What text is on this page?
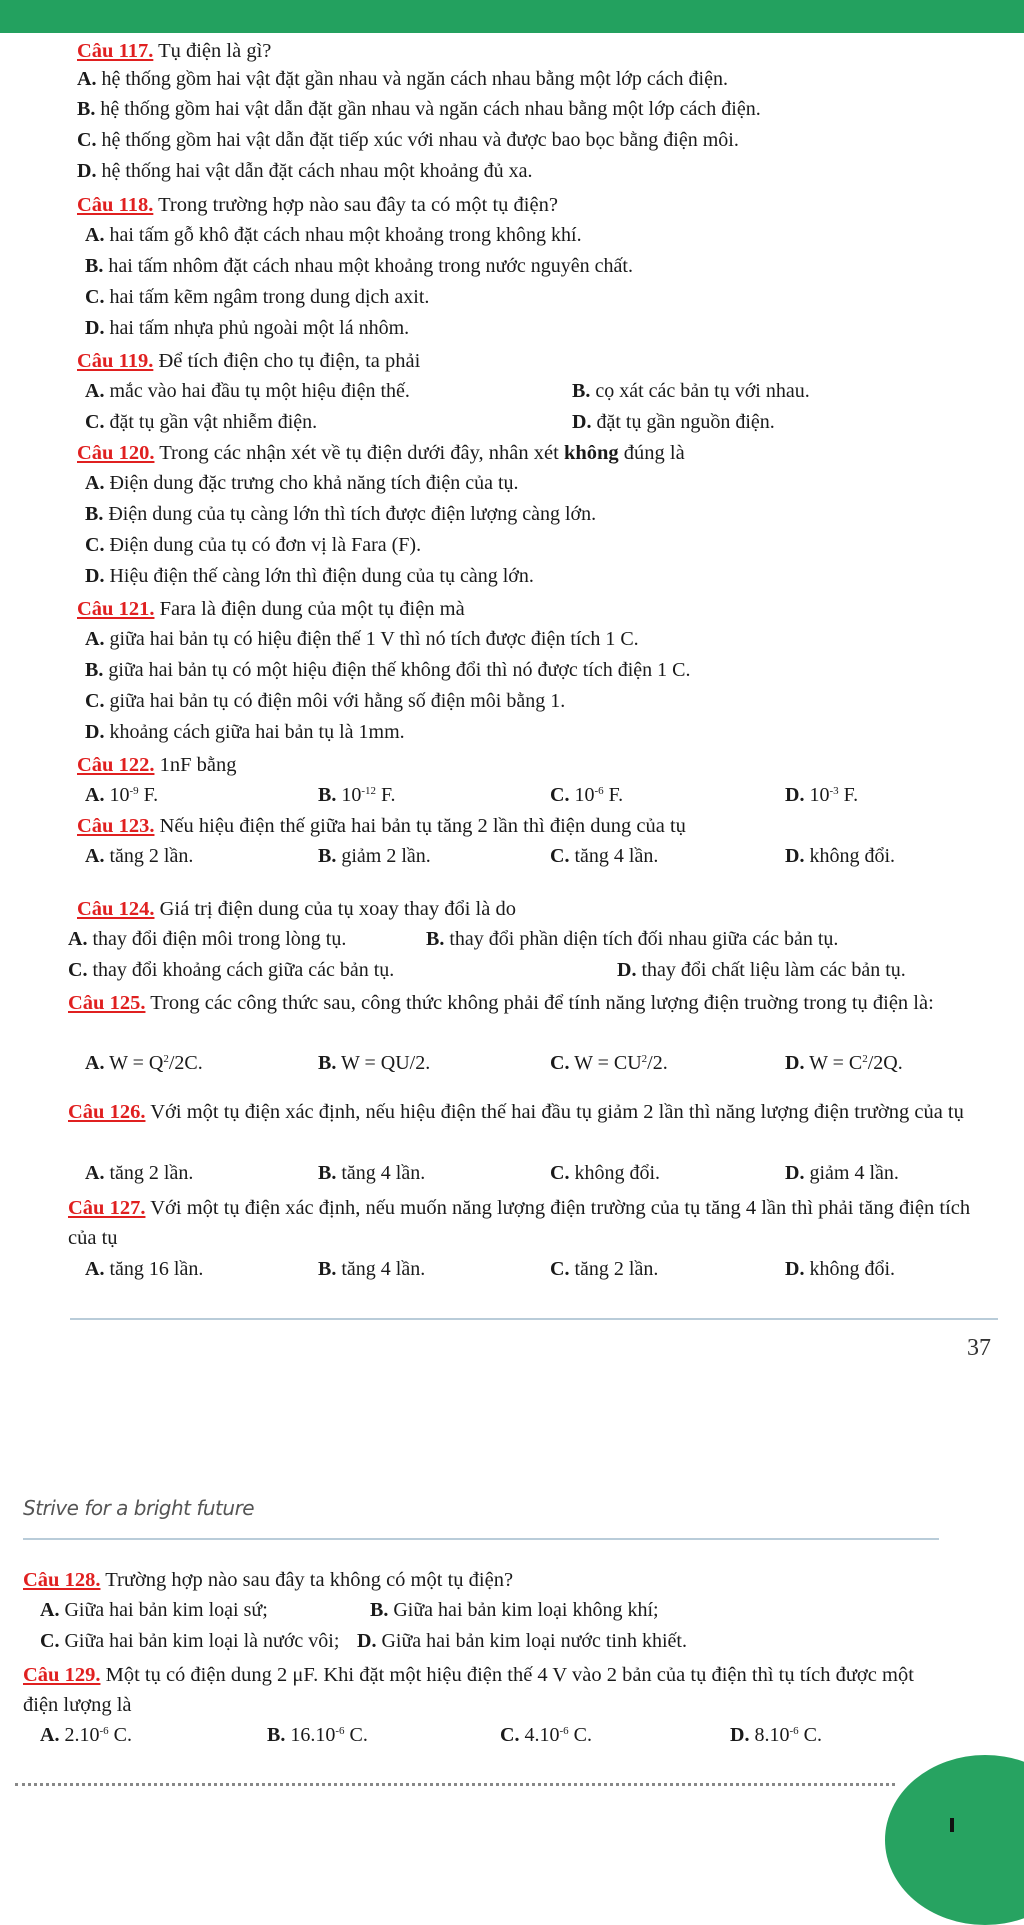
Câu 117. Tụ điện là gì?
A. hệ thống gồm hai vật đặt gần nhau và ngăn cách nhau bằng một lớp cách điện.
B. hệ thống gồm hai vật dẫn đặt gần nhau và ngăn cách nhau bằng một lớp cách điện.
C. hệ thống gồm hai vật dẫn đặt tiếp xúc với nhau và được bao bọc bằng điện môi.
D. hệ thống hai vật dẫn đặt cách nhau một khoảng đủ xa.
Câu 118. Trong trường hợp nào sau đây ta có một tụ điện?
A. hai tấm gỗ khô đặt cách nhau một khoảng trong không khí.
B. hai tấm nhôm đặt cách nhau một khoảng trong nước nguyên chất.
C. hai tấm kẽm ngâm trong dung dịch axit.
D. hai tấm nhựa phủ ngoài một lá nhôm.
Câu 119. Để tích điện cho tụ điện, ta phải
A. mắc vào hai đầu tụ một hiệu điện thế.	B. cọ xát các bản tụ với nhau.
C. đặt tụ gần vật nhiễm điện.	D. đặt tụ gần nguồn điện.
Câu 120. Trong các nhận xét về tụ điện dưới đây, nhân xét không đúng là
A. Điện dung đặc trưng cho khả năng tích điện của tụ.
B. Điện dung của tụ càng lớn thì tích được điện lượng càng lớn.
C. Điện dung của tụ có đơn vị là Fara (F).
D. Hiệu điện thế càng lớn thì điện dung của tụ càng lớn.
Câu 121. Fara là điện dung của một tụ điện mà
A. giữa hai bản tụ có hiệu điện thế 1 V thì nó tích được điện tích 1 C.
B. giữa hai bản tụ có một hiệu điện thế không đổi thì nó được tích điện 1 C.
C. giữa hai bản tụ có điện môi với hằng số điện môi bằng 1.
D. khoảng cách giữa hai bản tụ là 1mm.
Câu 122. 1nF bằng
A. $10^{-9}$ F.	B. $10^{-12}$ F.	C. $10^{-6}$ F.	D. $10^{-3}$ F.
Câu 123. Nếu hiệu điện thế giữa hai bản tụ tăng 2 lần thì điện dung của tụ
A. tăng 2 lần.	B. giảm 2 lần.	C. tăng 4 lần.	D. không đổi.
Câu 124. Giá trị điện dung của tụ xoay thay đổi là do
A. thay đổi điện môi trong lòng tụ.	B. thay đổi phần diện tích đối nhau giữa các bản tụ.
C. thay đổi khoảng cách giữa các bản tụ.	D. thay đổi chất liệu làm các bản tụ.
Câu 125. Trong các công thức sau, công thức không phải để tính năng lượng điện truờng trong tụ điện là:
A. $W = Q^2/2C$.	B. W = QU/2.	C. $W = CU^2/2$.	D. $W = C^2/2Q$.
Câu 126. Với một tụ điện xác định, nếu hiệu điện thế hai đầu tụ giảm 2 lần thì năng lượng điện trường của tụ
A. tăng 2 lần.	B. tăng 4 lần.	C. không đổi.	D. giảm 4 lần.
Câu 127. Với một tụ điện xác định, nếu muốn năng lượng điện trường của tụ tăng 4 lần thì phải tăng điện tích của tụ
A. tăng 16 lần.	B. tăng 4 lần.	C. tăng 2 lần.	D. không đổi.
37
Strive for a bright future
Câu 128. Trường hợp nào sau đây ta không có một tụ điện?
A. Giữa hai bản kim loại sứ;	B. Giữa hai bản kim loại không khí;
C. Giữa hai bản kim loại là nước vôi; D. Giữa hai bản kim loại nước tinh khiết.
Câu 129. Một tụ có điện dung 2 μF. Khi đặt một hiệu điện thế 4 V vào 2 bản của tụ điện thì tụ tích được một điện lượng là
A. $2.10^{-6}$ C.	B. $16.10^{-6}$ C.	C. $4.10^{-6}$ C.	D. $8.10^{-6}$ C.
